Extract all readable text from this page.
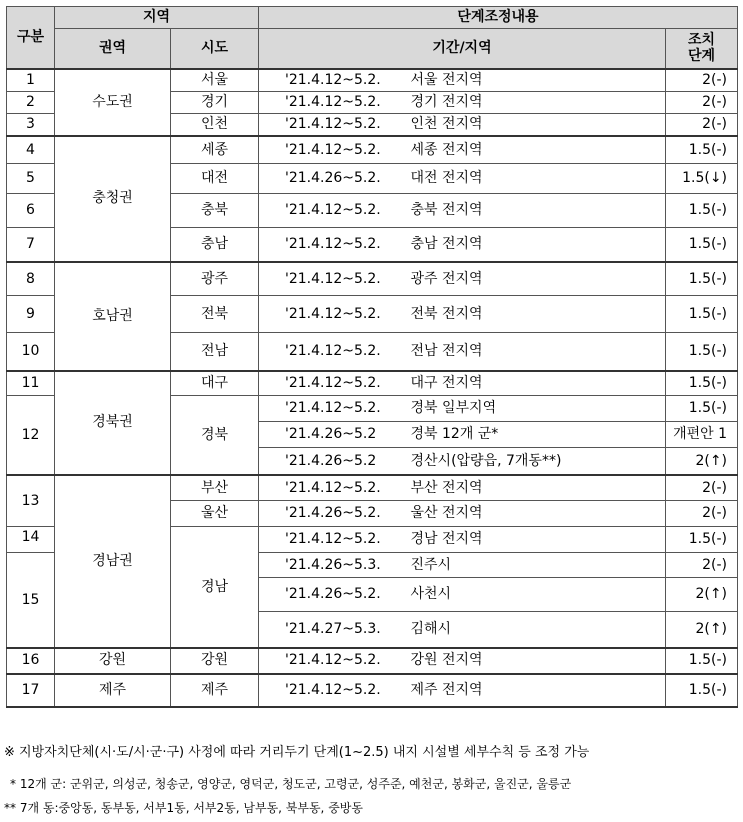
구분	지역		단계조정내용		
	권역	시도	기간/지역		조치
단계
1	수도권	서울	'21.4.12~5.2.	서울 전지역	2(-)
2		경기	'21.4.12~5.2.	경기 전지역	2(-)
3		인천	'21.4.12~5.2.	인천 전지역	2(-)
4	충청권	세종	'21.4.12~5.2.	세종 전지역	1.5(-)
5		대전	'21.4.26~5.2.	대전 전지역	1.5(↓)
6		충북	'21.4.12~5.2.	충북 전지역	1.5(-)
7		충남	'21.4.12~5.2.	충남 전지역	1.5(-)
8	호남권	광주	'21.4.12~5.2.	광주 전지역	1.5(-)
9		전북	'21.4.12~5.2.	전북 전지역	1.5(-)
10		전남	'21.4.12~5.2.	전남 전지역	1.5(-)
11	경북권	대구	'21.4.12~5.2.	대구 전지역	1.5(-)
12		경북	'21.4.12~5.2.	경북 일부지역	1.5(-)
			'21.4.26~5.2	경북 12개 군*	개편안 1
			'21.4.26~5.2	경산시(압량읍, 7개동**)	2(↑)
13	경남권	부산	'21.4.12~5.2.	부산 전지역	2(-)
		울산	'21.4.26~5.2.	울산 전지역	2(-)
14		경남	'21.4.12~5.2.	경남 전지역	1.5(-)
15			'21.4.26~5.3.	진주시	2(-)
			'21.4.26~5.2.	사천시	2(↑)
			'21.4.27~5.3.	김해시	2(↑)
16	강원	강원	'21.4.12~5.2.	강원 전지역	1.5(-)
17	제주	제주	'21.4.12~5.2.	제주 전지역	1.5(-)
※ 지방자치단체(시·도/시·군·구) 사정에 따라 거리두기 단계(1~2.5) 내지 시설별 세부수칙 등 조정 가능
* 12개 군: 군위군, 의성군, 청송군, 영양군, 영덕군, 청도군, 고령군, 성주준, 예천군, 봉화군, 울진군, 울릉군
** 7개 동:중앙동, 동부동, 서부1동, 서부2동, 남부동, 북부동, 중방동
